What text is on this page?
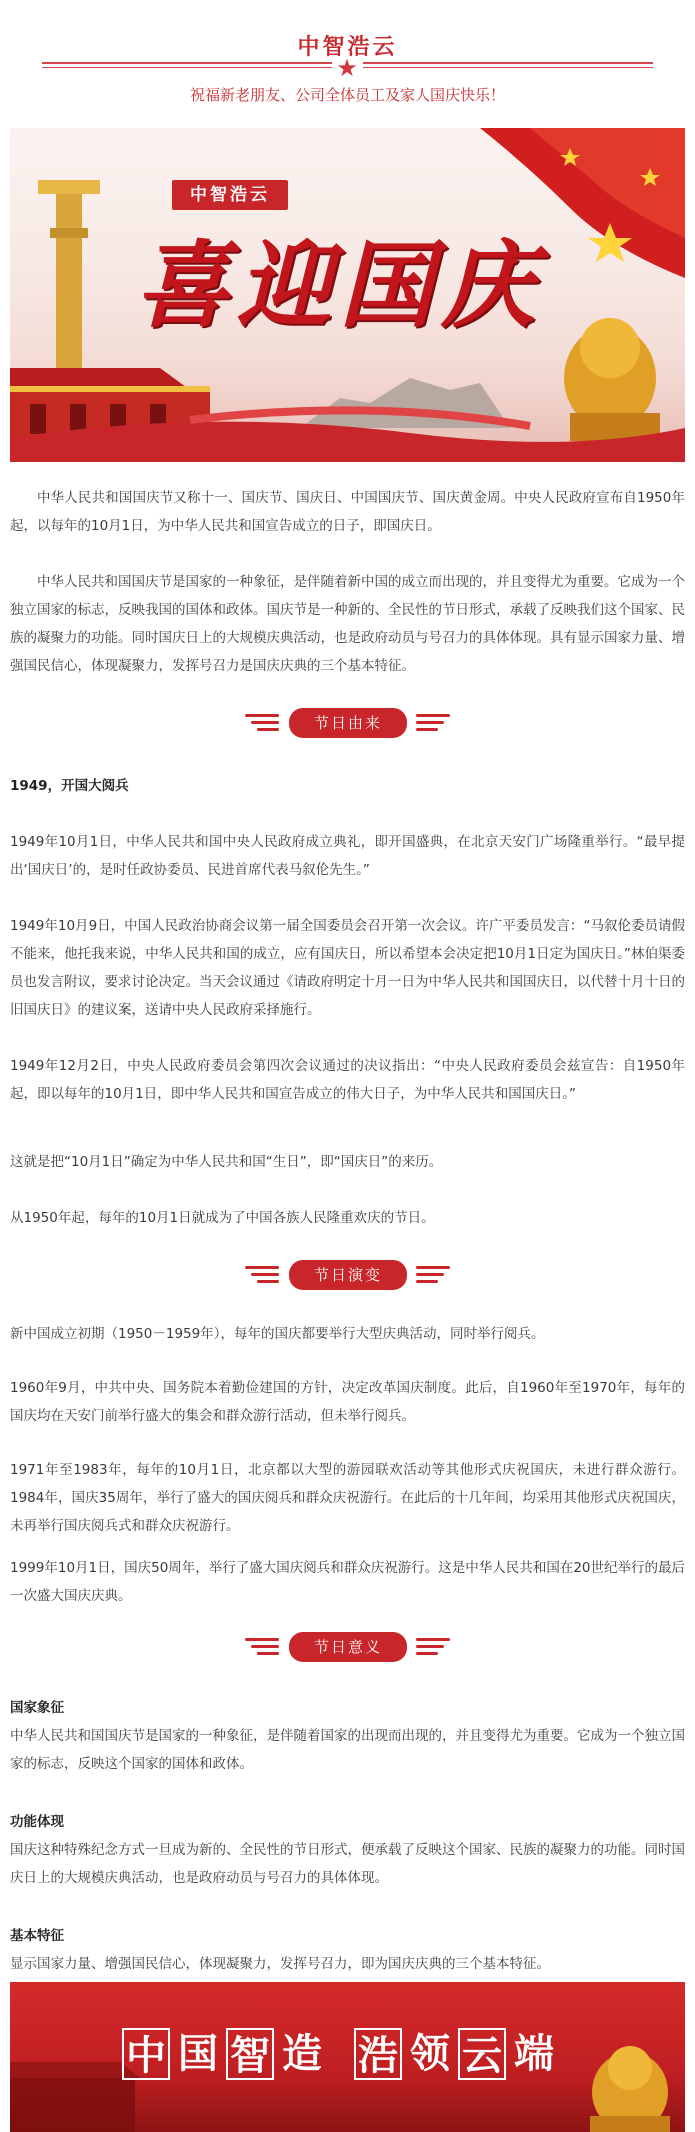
中智浩云
★
祝福新老朋友、公司全体员工及家人国庆快乐！
中智浩云
喜迎国庆
中华人民共和国国庆节又称十一、国庆节、国庆日、中国国庆节、国庆黄金周。中央人民政府宣布自1950年起，以每年的10月1日，为中华人民共和国宣告成立的日子，即国庆日。
中华人民共和国国庆节是国家的一种象征，是伴随着新中国的成立而出现的，并且变得尤为重要。它成为一个独立国家的标志，反映我国的国体和政体。国庆节是一种新的、全民性的节日形式，承载了反映我们这个国家、民族的凝聚力的功能。同时国庆日上的大规模庆典活动，也是政府动员与号召力的具体体现。具有显示国家力量、增强国民信心，体现凝聚力，发挥号召力是国庆庆典的三个基本特征。
节日由来
1949，开国大阅兵
1949年10月1日，中华人民共和国中央人民政府成立典礼，即开国盛典，在北京天安门广场隆重举行。“最早提出‘国庆日’的，是时任政协委员、民进首席代表马叙伦先生。”
1949年10月9日，中国人民政治协商会议第一届全国委员会召开第一次会议。许广平委员发言：“马叙伦委员请假不能来，他托我来说，中华人民共和国的成立，应有国庆日，所以希望本会决定把10月1日定为国庆日。”林伯渠委员也发言附议，要求讨论决定。当天会议通过《请政府明定十月一日为中华人民共和国国庆日，以代替十月十日的旧国庆日》的建议案，送请中央人民政府采择施行。
1949年12月2日，中央人民政府委员会第四次会议通过的决议指出：“中央人民政府委员会兹宣告：自1950年起，即以每年的10月1日，即中华人民共和国宣告成立的伟大日子，为中华人民共和国国庆日。”
这就是把“10月1日”确定为中华人民共和国“生日”，即“国庆日”的来历。
从1950年起，每年的10月1日就成为了中国各族人民隆重欢庆的节日。
节日演变
新中国成立初期（1950－1959年），每年的国庆都要举行大型庆典活动，同时举行阅兵。
1960年9月，中共中央、国务院本着勤俭建国的方针，决定改革国庆制度。此后，自1960年至1970年，每年的国庆均在天安门前举行盛大的集会和群众游行活动，但未举行阅兵。
1971年至1983年，每年的10月1日，北京都以大型的游园联欢活动等其他形式庆祝国庆，未进行群众游行。1984年，国庆35周年，举行了盛大的国庆阅兵和群众庆祝游行。在此后的十几年间，均采用其他形式庆祝国庆，未再举行国庆阅兵式和群众庆祝游行。
1999年10月1日，国庆50周年，举行了盛大国庆阅兵和群众庆祝游行。这是中华人民共和国在20世纪举行的最后一次盛大国庆庆典。
节日意义
国家象征
中华人民共和国国庆节是国家的一种象征，是伴随着国家的出现而出现的，并且变得尤为重要。它成为一个独立国家的标志，反映这个国家的国体和政体。
功能体现
国庆这种特殊纪念方式一旦成为新的、全民性的节日形式，便承载了反映这个国家、民族的凝聚力的功能。同时国庆日上的大规模庆典活动，也是政府动员与号召力的具体体现。
基本特征
显示国家力量、增强国民信心，体现凝聚力，发挥号召力，即为国庆庆典的三个基本特征。
中 国 智 造 浩 领 云 端
